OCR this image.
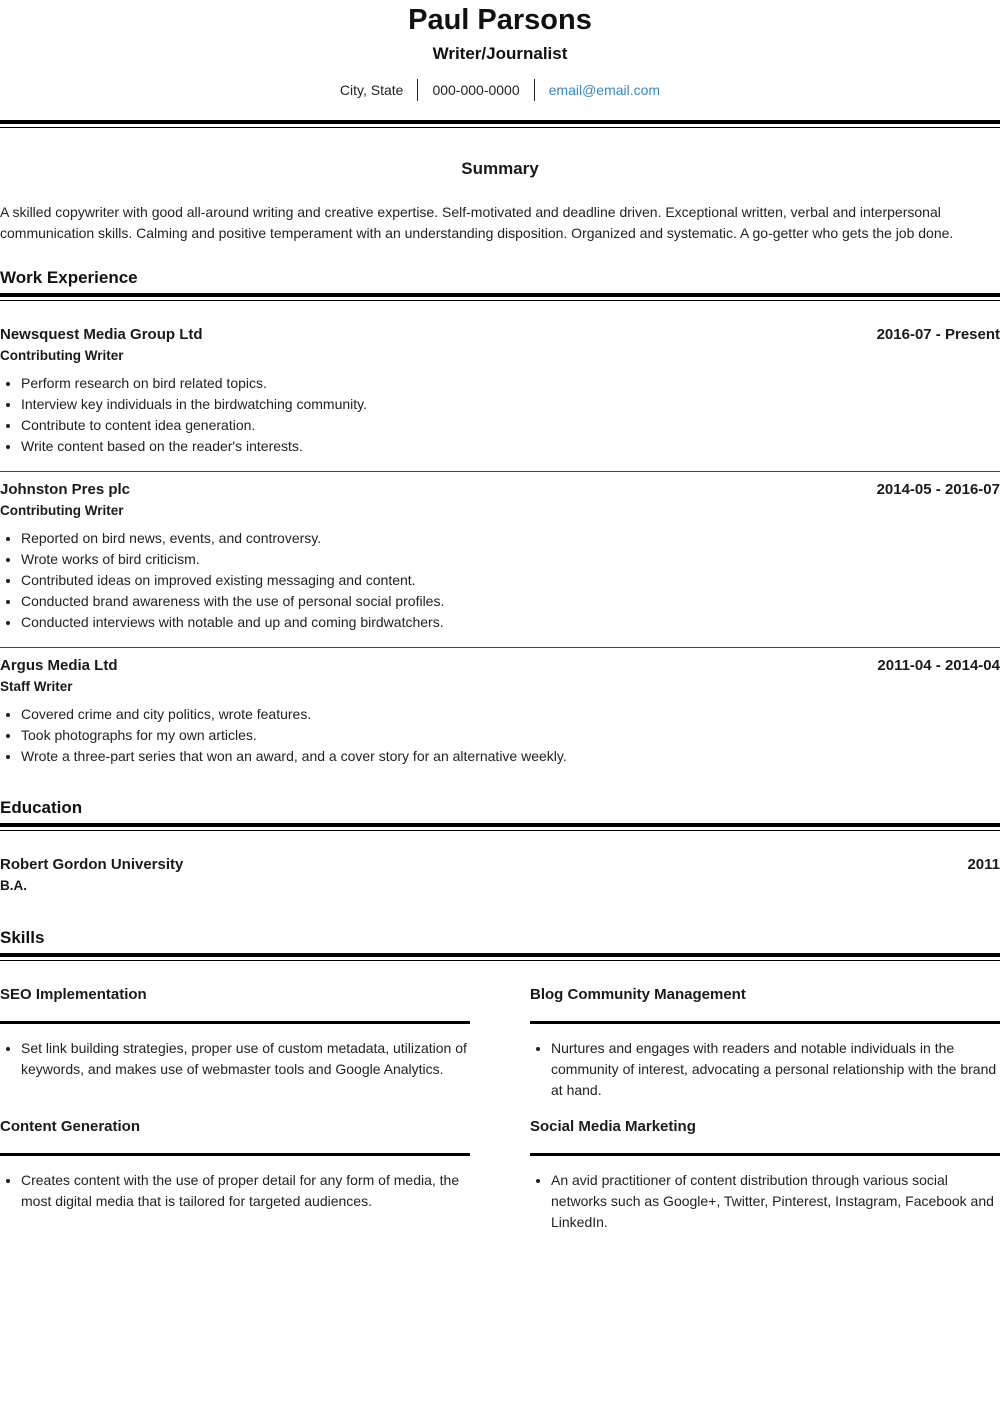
Paul Parsons
Writer/Journalist
City, State	000-000-0000	email@email.com
Summary

A skilled copywriter with good all-around writing and creative expertise. Self-motivated and deadline driven. Exceptional written, verbal and interpersonal communication skills. Calming and positive temperament with an understanding disposition. Organized and systematic. A go-getter who gets the job done.

Work Experience
Newsquest Media Group Ltd	2016-07 - Present
Contributing Writer
• Perform research on bird related topics.
• Interview key individuals in the birdwatching community.
• Contribute to content idea generation.
• Write content based on the reader's interests.
Johnston Pres plc	2014-05 - 2016-07
Contributing Writer
• Reported on bird news, events, and controversy.
• Wrote works of bird criticism.
• Contributed ideas on improved existing messaging and content.
• Conducted brand awareness with the use of personal social profiles.
• Conducted interviews with notable and up and coming birdwatchers.
Argus Media Ltd	2011-04 - 2014-04
Staff Writer
• Covered crime and city politics, wrote features.
• Took photographs for my own articles.
• Wrote a three-part series that won an award, and a cover story for an alternative weekly.
Education
Robert Gordon University	2011
B.A.
Skills
SEO Implementation
• Set link building strategies, proper use of custom metadata, utilization of keywords, and makes use of webmaster tools and Google Analytics.
Blog Community Management
• Nurtures and engages with readers and notable individuals in the community of interest, advocating a personal relationship with the brand at hand.
Content Generation
• Creates content with the use of proper detail for any form of media, the most digital media that is tailored for targeted audiences.
Social Media Marketing
• An avid practitioner of content distribution through various social networks such as Google+, Twitter, Pinterest, Instagram, Facebook and LinkedIn.
